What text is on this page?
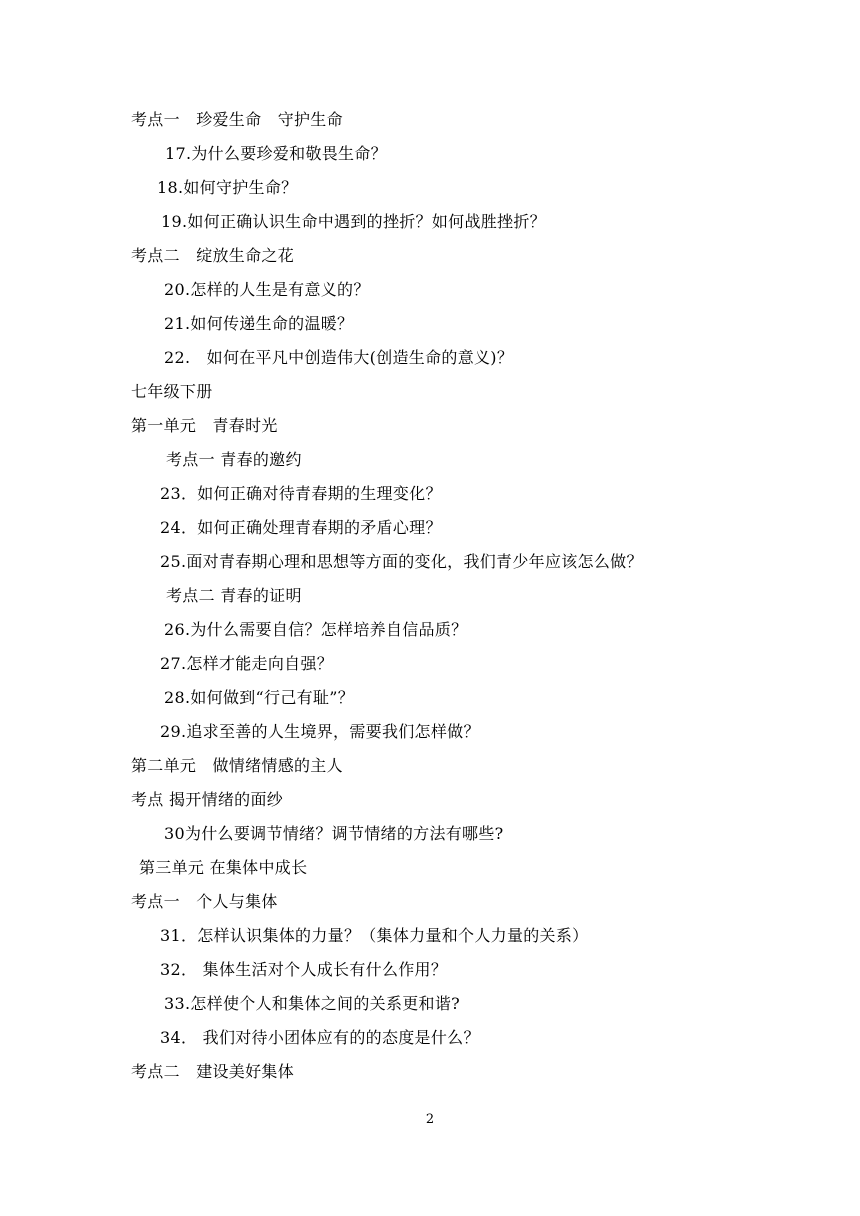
考点一　珍爱生命　守护生命
17.为什么要珍爱和敬畏生命？
18.如何守护生命？
19.如何正确认识生命中遇到的挫折？如何战胜挫折？
考点二　绽放生命之花
20.怎样的人生是有意义的？
21.如何传递生命的温暖？
22.　如何在平凡中创造伟大(创造生命的意义)？
七年级下册
第一单元　青春时光
考点一 青春的邀约
23．如何正确对待青春期的生理变化？
24．如何正确处理青春期的矛盾心理？
25.面对青春期心理和思想等方面的变化，我们青少年应该怎么做？
考点二 青春的证明
26.为什么需要自信？怎样培养自信品质？
27.怎样才能走向自强？
28.如何做到“行己有耻”？
29.追求至善的人生境界，需要我们怎样做？
第二单元　做情绪情感的主人
考点 揭开情绪的面纱
30为什么要调节情绪？调节情绪的方法有哪些?
第三单元 在集体中成长
考点一　个人与集体
31．怎样认识集体的力量？（集体力量和个人力量的关系）
32． 集体生活对个人成长有什么作用？
33.怎样使个人和集体之间的关系更和谐?
34． 我们对待小团体应有的的态度是什么？
考点二　建设美好集体
2
